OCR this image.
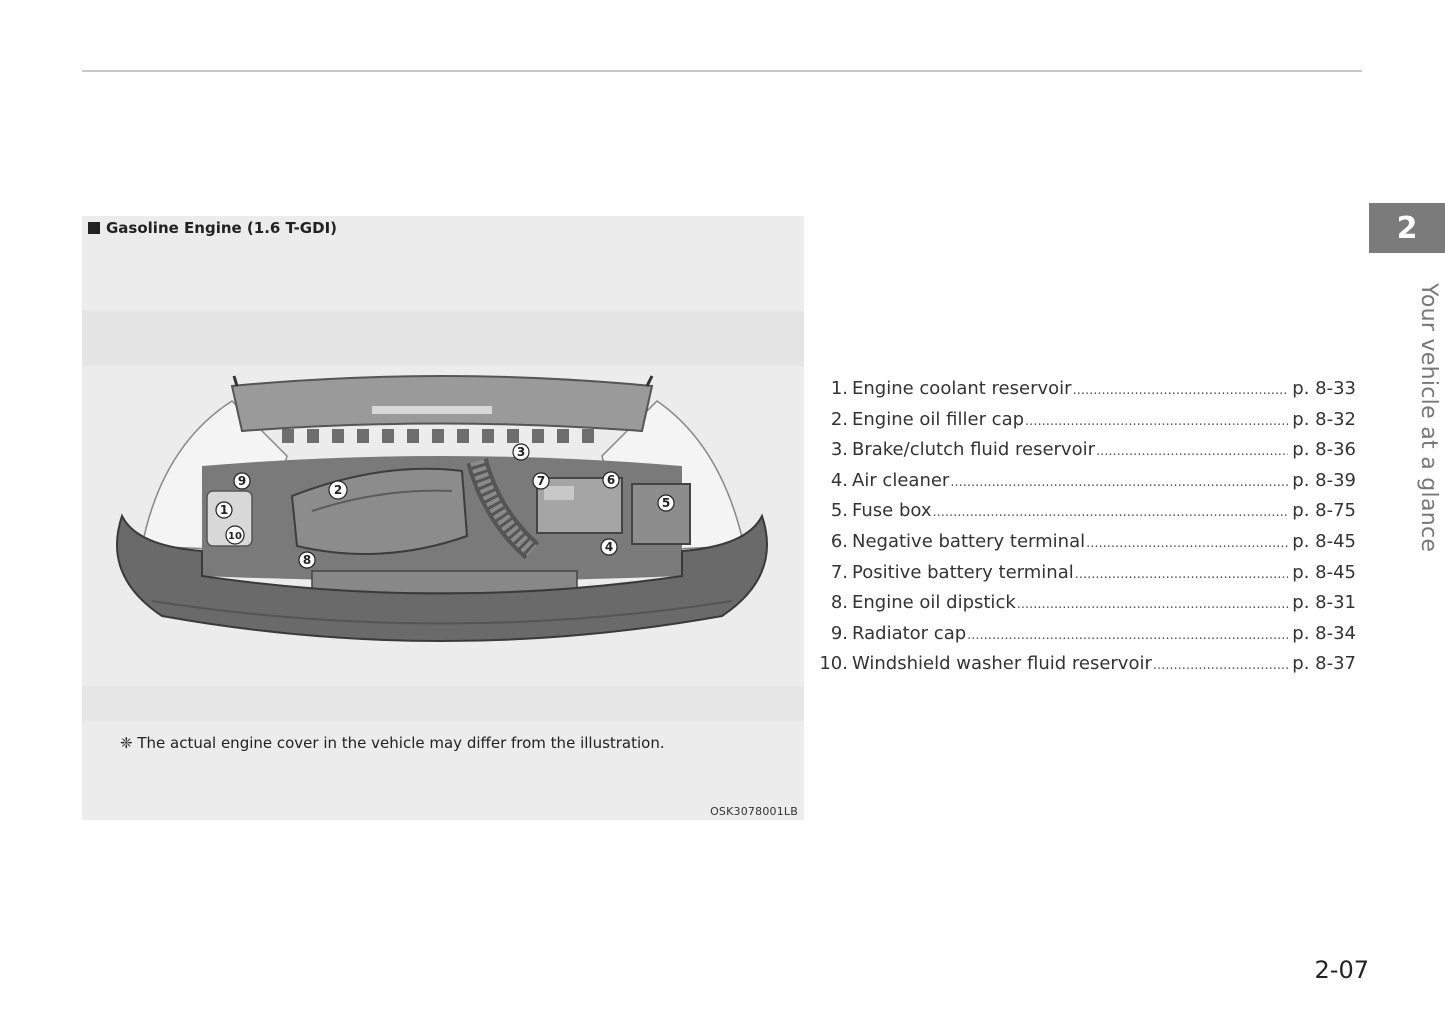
Gasoline Engine (1.6 T-GDI)
1
2
3
4
5
6
7
8
9
10
❈ The actual engine cover in the vehicle may differ from the illustration.
OSK3078001LB
1. Engine coolant reservoir .....	p. 8-33
2. Engine oil filler cap .....	p. 8-32
3. Brake/clutch fluid reservoir .....	p. 8-36
4. Air cleaner .....	p. 8-39
5. Fuse box .....	p. 8-75
6. Negative battery terminal .....	p. 8-45
7. Positive battery terminal .....	p. 8-45
8. Engine oil dipstick .....	p. 8-31
9. Radiator cap .....	p. 8-34
10. Windshield washer fluid reservoir .....	p. 8-37
2
Your vehicle at a glance
2-07
